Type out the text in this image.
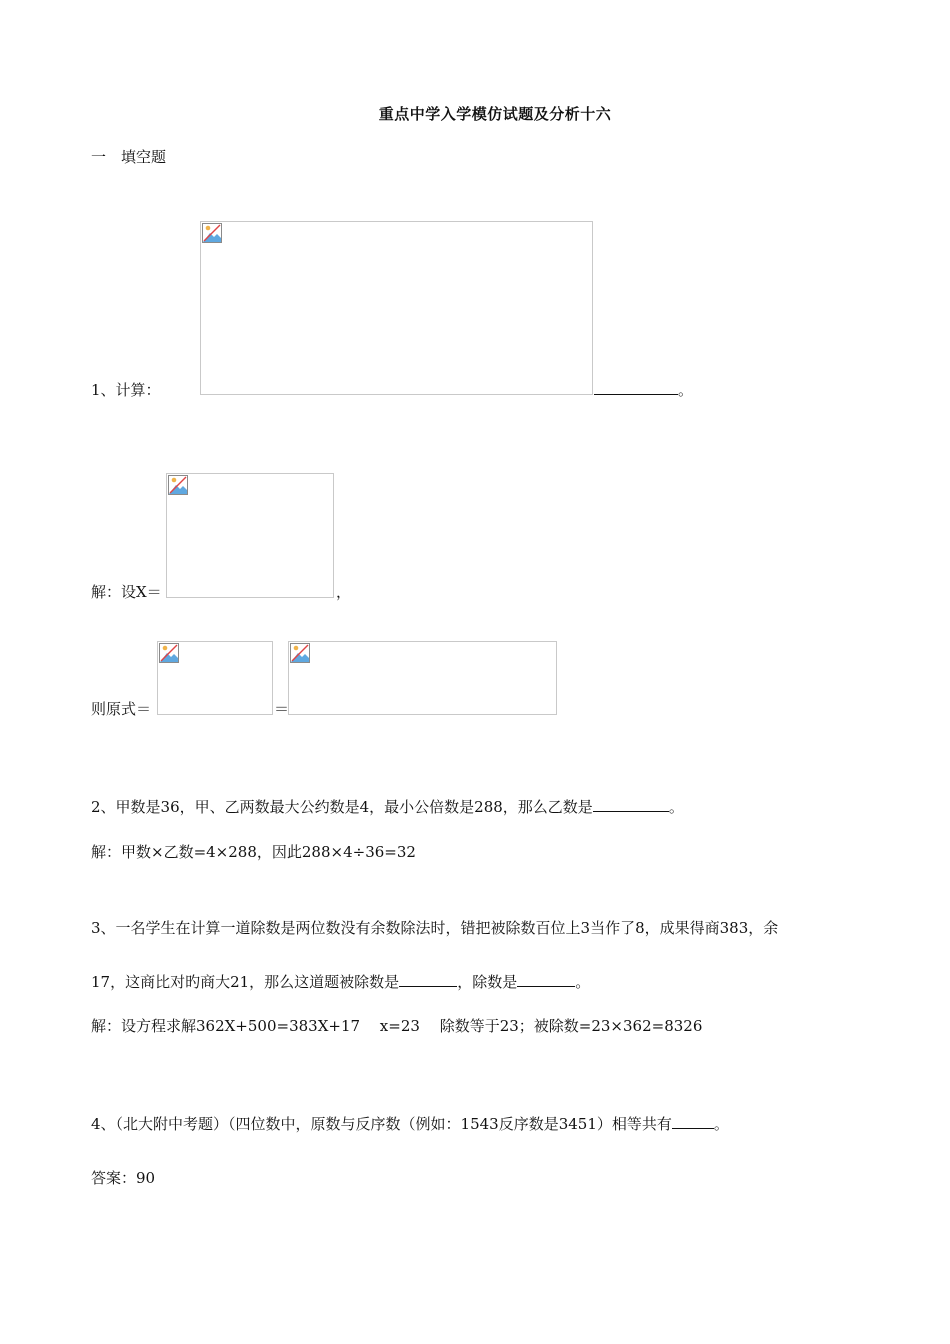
重点中学入学模仿试题及分析十六
一　填空题
1、计算：	。
解：设X＝	，
则原式＝	＝
2、甲数是36，甲、乙两数最大公约数是4，最小公倍数是288，那么乙数是	。
解：甲数×乙数=4×288，因此288×4÷36=32
3、一名学生在计算一道除数是两位数没有余数除法时，错把被除数百位上3当作了8，成果得商383，余
17，这商比对旳商大21，那么这道题被除数是	，除数是	。
解：设方程求解362X+500=383X+17　 x=23　 除数等于23；被除数=23×362=8326
4、（北大附中考题）（四位数中，原数与反序数（例如：1543反序数是3451）相等共有	。
答案：90
